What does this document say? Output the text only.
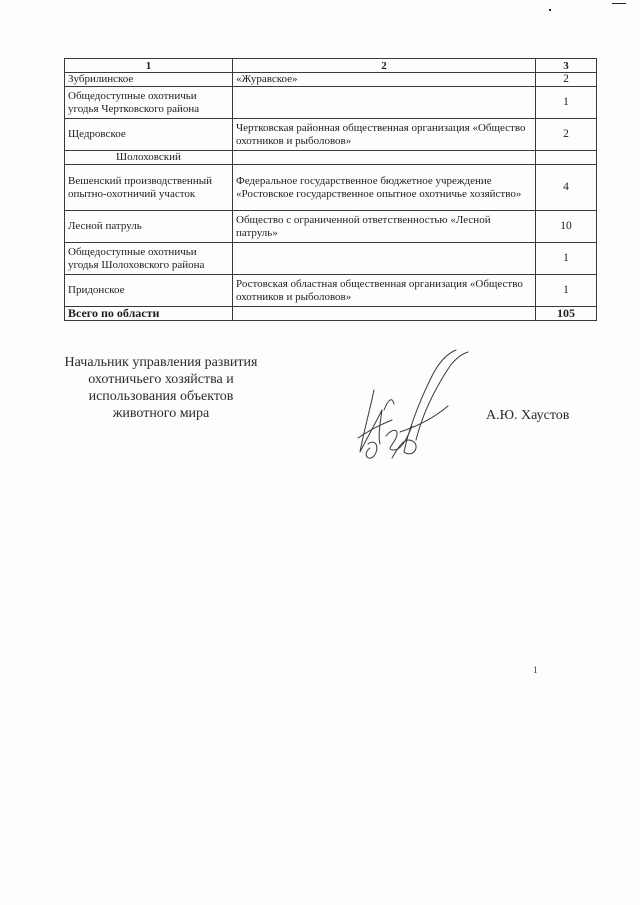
1	2	3
Зубрилинское	«Журавское»	2
Общедоступные охотничьи угодья Чертковского района		1
Щедровское	Чертковская районная общественная организация «Общество охотников и рыболовов»	2
Шолоховский		
Вешенский производственный опытно-охотничий участок	Федеральное государственное бюджетное учреждение «Ростовское государственное опытное охотничье хозяйство»	4
Лесной патруль	Общество с ограниченной ответственностью «Лесной патруль»	10
Общедоступные охотничьи угодья Шолоховского района		1
Придонское	Ростовская областная общественная организация «Общество охотников и рыболовов»	1
Всего по области		105
Начальник управления развития
охотничьего хозяйства и
использования объектов
животного мира	А.Ю. Хаустов
1
